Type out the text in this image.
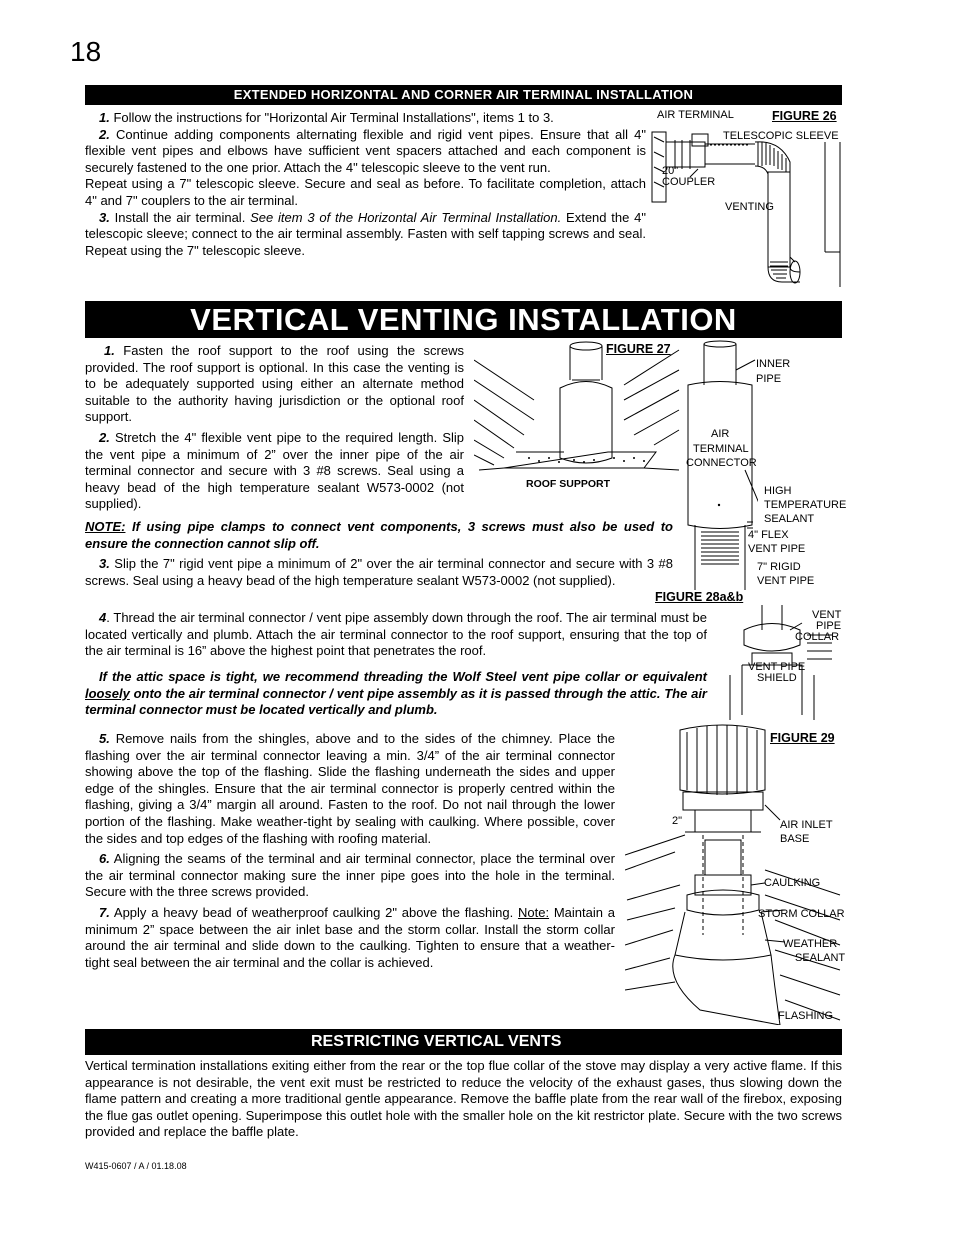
18
EXTENDED HORIZONTAL AND CORNER AIR TERMINAL INSTALLATION

1. Follow the instructions for "Horizontal Air Terminal Installations", items 1 to 3.

2. Continue adding components alternating flexible and rigid vent pipes. Ensure that all 4" flexible vent pipes and elbows have sufficient vent spacers attached and each component is securely fastened to the one prior. Attach the 4" telescopic sleeve to the vent run.

Repeat using a 7" telescopic sleeve. Secure and seal as before. To facilitate completion, attach 4" and 7" couplers to the air terminal.

3. Install the air terminal. See item 3 of the Horizontal Air Terminal Installation. Extend the 4" telescopic sleeve; connect to the air terminal assembly. Fasten with self tapping screws and seal. Repeat using the 7" telescopic sleeve.

FIGURE 26
AIR TERMINAL
TELESCOPIC SLEEVE
20"
COUPLER
VENTING
VERTICAL VENTING INSTALLATION

1. Fasten the roof support to the roof using the screws provided. The roof support is optional. In this case the venting is to be adequately supported using either an alternate method suitable to the authority having jurisdiction or the optional roof support.

2. Stretch the 4" flexible vent pipe to the required length. Slip the vent pipe a minimum of 2” over the inner pipe of the air terminal connector and secure with 3 #8 screws. Seal using a heavy bead of the high temperature sealant W573-0002 (not supplied).

NOTE: If using pipe clamps to connect vent components, 3 screws must also be used to ensure the connection cannot slip off.

3. Slip the 7" rigid vent pipe a minimum of 2" over the air terminal connector and secure with 3 #8 screws. Seal using a heavy bead of the high temperature sealant W573-0002 (not supplied).

4. Thread the air terminal connector / vent pipe assembly down through the roof. The air terminal must be located vertically and plumb. Attach the air terminal connector to the roof support, ensuring that the top of the air terminal is 16” above the highest point that penetrates the roof.

If the attic space is tight, we recommend threading the Wolf Steel vent pipe collar or equivalent loosely onto the air terminal connector / vent pipe assembly as it is passed through the attic. The air terminal connector must be located vertically and plumb.

5. Remove nails from the shingles, above and to the sides of the chimney. Place the flashing over the air terminal connector leaving a min. 3/4” of the air terminal connector showing above the top of the flashing. Slide the flashing underneath the sides and upper edge of the shingles. Ensure that the air terminal connector is properly centred within the flashing, giving a 3/4” margin all around. Fasten to the roof. Do not nail through the lower portion of the flashing. Make weather-tight by sealing with caulking. Where possible, cover the sides and top edges of the flashing with roofing material.

6. Aligning the seams of the terminal and air terminal connector, place the terminal over the air terminal connector making sure the inner pipe goes into the hole in the terminal. Secure with the three screws provided.

7. Apply a heavy bead of weatherproof caulking 2" above the flashing. Note: Maintain a minimum 2” space between the air inlet base and the storm collar. Install the storm collar around the air terminal and slide down to the caulking. Tighten to ensure that a weather-tight seal between the air terminal and the collar is achieved.

FIGURE 27
ROOF SUPPORT
INNER
PIPE
AIR
TERMINAL
CONNECTOR
HIGH
TEMPERATURE
SEALANT
4" FLEX
VENT PIPE
7" RIGID
VENT PIPE
FIGURE 28a&b
VENT
PIPE
COLLAR
VENT PIPE
SHIELD
FIGURE 29
2"	AIR INLET
BASE
CAULKING
STORM COLLAR
WEATHER
SEALANT
FLASHING
RESTRICTING VERTICAL VENTS
Vertical termination installations exiting either from the rear or the top flue collar of the stove may display a very active flame. If this appearance is not desirable, the vent exit must be restricted to reduce the velocity of the exhaust gases, thus slowing down the flame pattern and creating a more traditional gentle appearance. Remove the baffle plate from the rear wall of the firebox, exposing the flue gas outlet opening. Superimpose this outlet hole with the smaller hole on the kit restrictor plate. Secure with the two screws provided and replace the baffle plate.
W415-0607 / A / 01.18.08
